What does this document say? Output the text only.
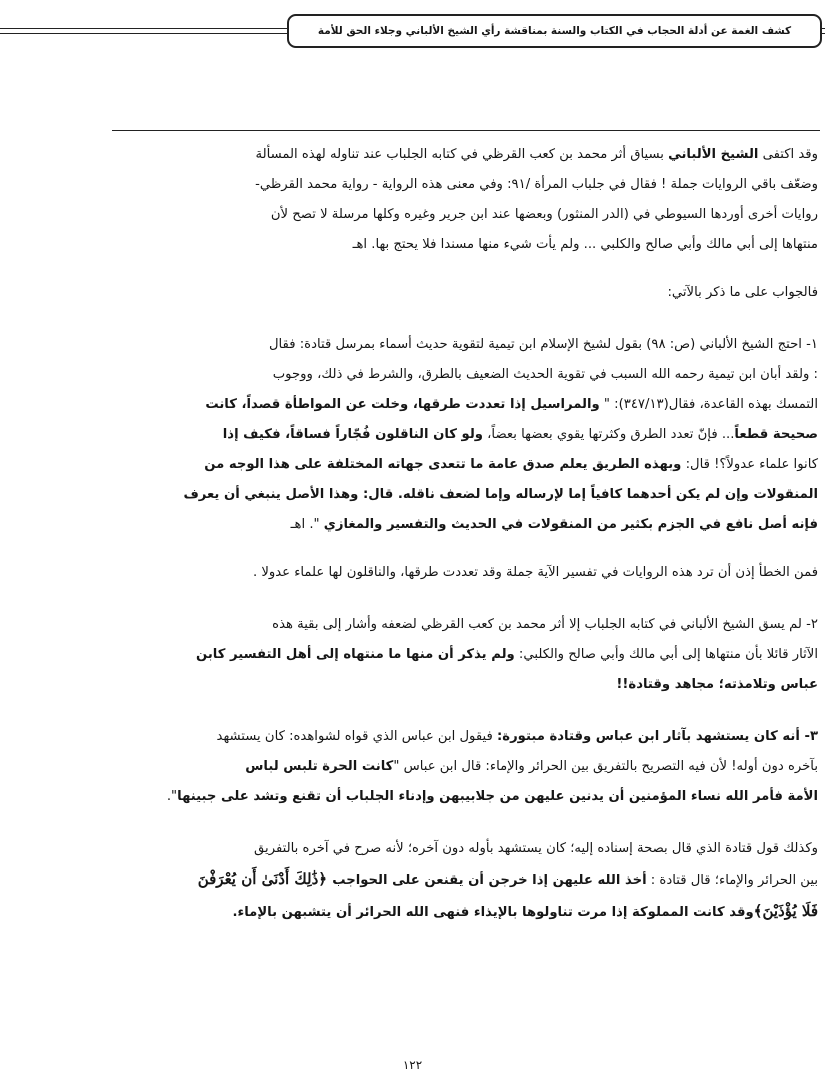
كشف الغمة عن أدلة الحجاب في الكتاب والسنة بمناقشة رأي الشيخ الألباني وجلاء الحق للأمة
وقد اكتفى الشيخ الألباني بسياق أثر محمد بن كعب القرظي في كتابه الجلباب عند تناوله لهذه المسألة
وضعّف باقي الروايات جملة ! فقال في جلباب المرأة /٩١: وفي معنى هذه الرواية - رواية محمد القرظي-
روايات أخرى أوردها السيوطي في (الدر المنثور) وبعضها عند ابن جرير وغيره وكلها مرسلة لا تصح لأن
منتهاها إلى أبي مالك وأبي صالح والكلبي ... ولم يأت شيء منها مسندا فلا يحتج بها. اهـ
فالجواب على ما ذكر بالآتي:
١- احتج الشيخ الألباني (ص: ٩٨) بقول لشيخ الإسلام ابن تيمية لتقوية حديث أسماء بمرسل قتادة: فقال
: ولقد أبان ابن تيمية رحمه الله السبب في تقوية الحديث الضعيف بالطرق، والشرط في ذلك، ووجوب
التمسك بهذه القاعدة، فقال(٣٤٧/١٣): " والمراسيل إذا تعددت طرقها، وخلت عن المواطأة قصداً، كانت
صحيحة قطعاً... فإنّ تعدد الطرق وكثرتها يقوي بعضها بعضاً، ولو كان الناقلون فُجّاراً فساقاً، فكيف إذا
كانوا علماء عدولاً؟! قال: وبهذه الطريق يعلم صدق عامة ما تتعدى جهاته المختلفة على هذا الوجه من
المنقولات وإن لم يكن أحدهما كافياً إما لإرساله وإما لضعف ناقله. قال: وهذا الأصل ينبغي أن يعرف
فإنه أصل نافع في الجزم بكثير من المنقولات في الحديث والتفسير والمغازي ". اهـ
فمن الخطأ إذن أن ترد هذه الروايات في تفسير الآية جملة وقد تعددت طرقها، والناقلون لها علماء عدولا .
٢- لم يسق الشيخ الألباني في كتابه الجلباب إلا أثر محمد بن كعب القرظي لضعفه وأشار إلى بقية هذه
الآثار قائلا بأن منتهاها إلى أبي مالك وأبي صالح والكلبي: ولم يذكر أن منها ما منتهاه إلى أهل التفسير كابن
عباس وتلامذته؛ مجاهد وقتادة!!
٣- أنه كان يستشهد بآثار ابن عباس وقتادة مبتورة: فيقول ابن عباس الذي قواه لشواهده: كان يستشهد
بآخره دون أوله! لأن فيه التصريح بالتفريق بين الحرائر والإماء: قال ابن عباس "كانت الحرة تلبس لباس
الأمة فأمر الله نساء المؤمنين أن يدنين عليهن من جلابيبهن وإدناء الجلباب أن تقنع وتشد على جبينها".
وكذلك قول قتادة الذي قال بصحة إسناده إليه؛ كان يستشهد بأوله دون آخره؛ لأنه صرح في آخره بالتفريق
بين الحرائر والإماء؛ قال قتادة : أخذ الله عليهن إذا خرجن أن يقنعن على الحواجب ﴿ذَٰلِكَ أَدْنَىٰ أَن يُعْرَفْنَ
فَلَا يُؤْذَيْنَ﴾وقد كانت المملوكة إذا مرت تناولوها بالإيذاء فنهى الله الحرائر أن يتشبهن بالإماء.
١٢٢
